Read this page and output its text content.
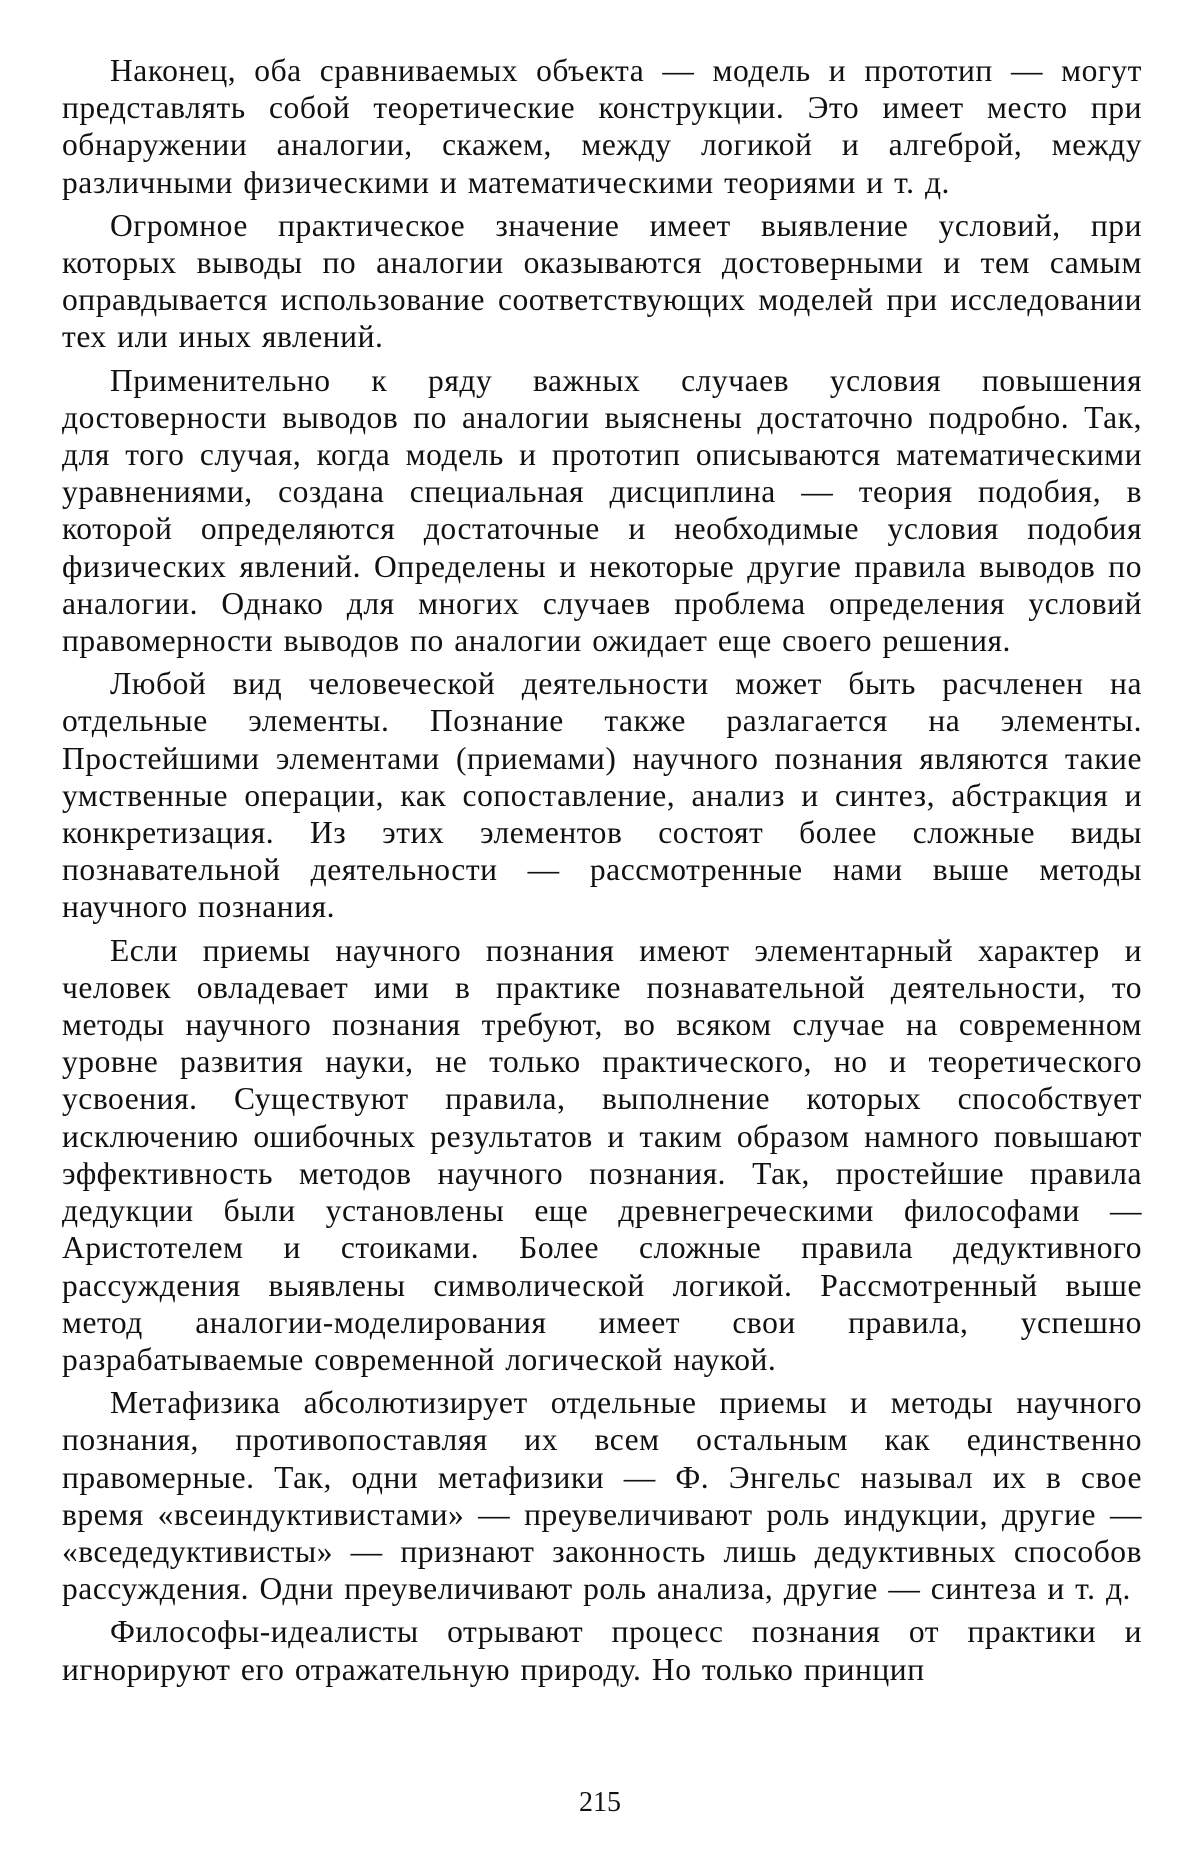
Наконец, оба сравниваемых объекта — модель и прототип — могут представлять собой теоретические конструкции. Это имеет место при обнаружении аналогии, скажем, между логикой и алгеброй, между различными физическими и математическими теориями и т. д.

Огромное практическое значение имеет выявление условий, при которых выводы по аналогии оказываются достоверными и тем самым оправдывается использование соответствующих моделей при исследовании тех или иных явлений.

Применительно к ряду важных случаев условия повышения достоверности выводов по аналогии выяснены достаточно подробно. Так, для того случая, когда модель и прототип описываются математическими уравнениями, создана специальная дисциплина — теория подобия, в которой определяются достаточные и необходимые условия подобия физических явлений. Определены и некоторые другие правила выводов по аналогии. Однако для многих случаев проблема определения условий правомерности выводов по аналогии ожидает еще своего решения.

Любой вид человеческой деятельности может быть расчленен на отдельные элементы. Познание также разлагается на элементы. Простейшими элементами (приемами) научного познания являются такие умственные операции, как сопоставление, анализ и синтез, абстракция и конкретизация. Из этих элементов состоят более сложные виды познавательной деятельности — рассмотренные нами выше методы научного познания.

Если приемы научного познания имеют элементарный характер и человек овладевает ими в практике познавательной деятельности, то методы научного познания требуют, во всяком случае на современном уровне развития науки, не только практического, но и теоретического усвоения. Существуют правила, выполнение которых способствует исключению ошибочных результатов и таким образом намного повышают эффективность методов научного познания. Так, простейшие правила дедукции были установлены еще древнегреческими философами — Аристотелем и стоиками. Более сложные правила дедуктивного рассуждения выявлены символической логикой. Рассмотренный выше метод аналогии-моделирования имеет свои правила, успешно разрабатываемые современной логической наукой.

Метафизика абсолютизирует отдельные приемы и методы научного познания, противопоставляя их всем остальным как единственно правомерные. Так, одни метафизики — Ф. Энгельс называл их в свое время «всеиндуктивистами» — преувеличивают роль индукции, другие — «вседедуктивисты» — признают законность лишь дедуктивных способов рассуждения. Одни преувеличивают роль анализа, другие — синтеза и т. д.

Философы-идеалисты отрывают процесс познания от практики и игнорируют его отражательную природу. Но только принцип

215
